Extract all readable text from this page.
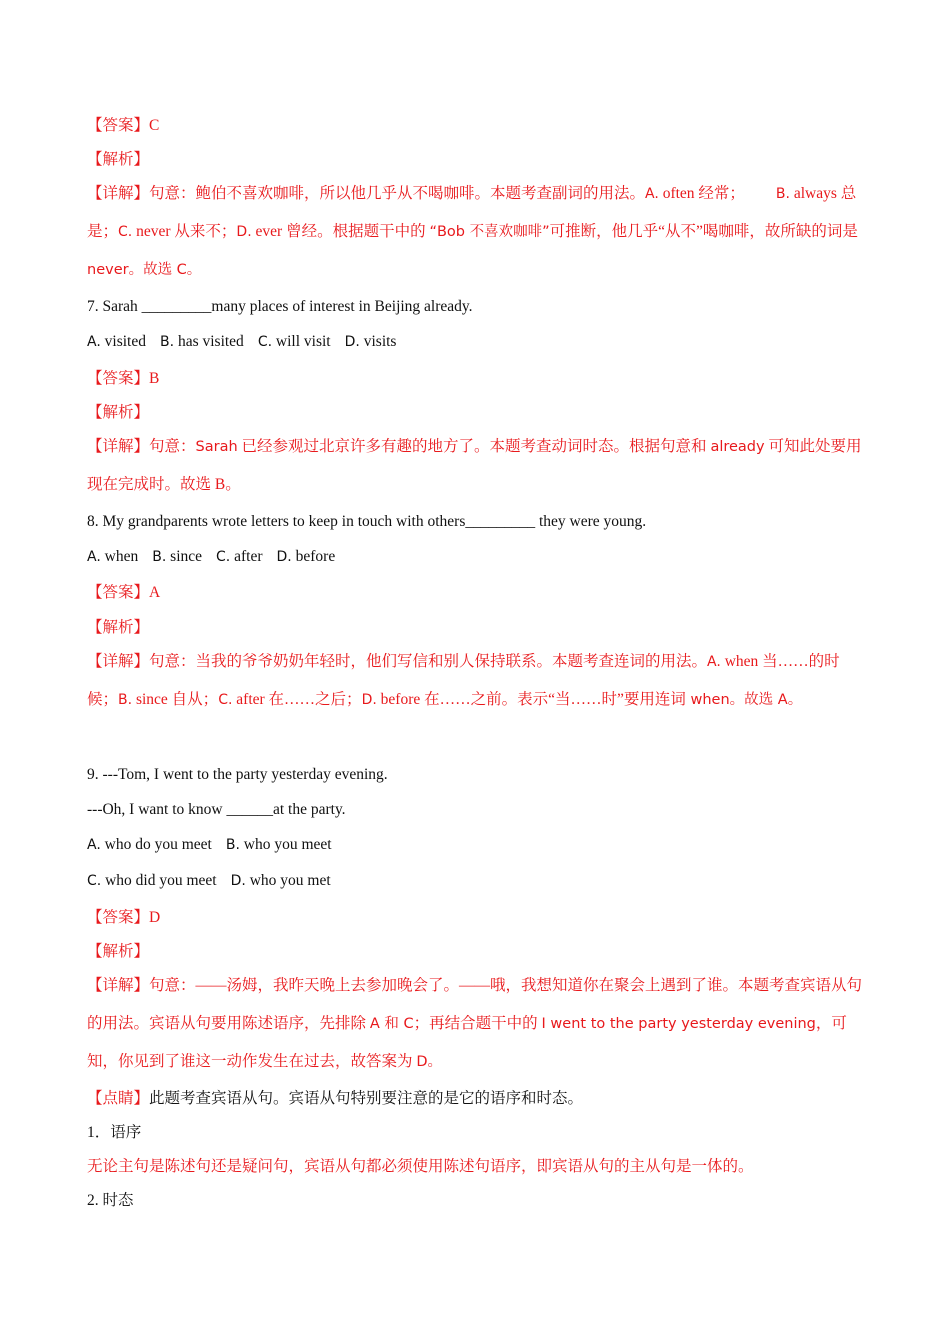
【答案】C
【解析】
【详解】句意：鲍伯不喜欢咖啡，所以他几乎从不喝咖啡。本题考查副词的用法。A. often 经常；   B. always 总是；C. never 从来不；D. ever 曾经。根据题干中的 “Bob 不喜欢咖啡”可推断，他几乎“从不”喝咖啡，故所缺的词是 never。故选 C。
7. Sarah _________many places of interest in Beijing already.
A. visited B. has visited C. will visit D. visits
【答案】B
【解析】
【详解】句意：Sarah 已经参观过北京许多有趣的地方了。本题考查动词时态。根据句意和 already 可知此处要用现在完成时。故选 B。
8. My grandparents wrote letters to keep in touch with others_________ they were young.
A. when B. since C. after D. before
【答案】A
【解析】
【详解】句意：当我的爷爷奶奶年轻时，他们写信和别人保持联系。本题考查连词的用法。A. when 当……的时候；B. since 自从；C. after 在……之后；D. before 在……之前。表示“当……时”要用连词 when。故选 A。
9. ---Tom, I went to the party yesterday evening.
---Oh, I want to know ______at the party.
A. who do you meet B. who you meet
C. who did you meet D. who you met
【答案】D
【解析】
【详解】句意：——汤姆，我昨天晚上去参加晚会了。——哦，我想知道你在聚会上遇到了谁。本题考查宾语从句的用法。宾语从句要用陈述语序，先排除 A 和 C；再结合题干中的 I went to the party yesterday evening，可知，你见到了谁这一动作发生在过去，故答案为 D。
【点睛】此题考查宾语从句。宾语从句特别要注意的是它的语序和时态。
1．语序
无论主句是陈述句还是疑问句，宾语从句都必须使用陈述句语序，即宾语从句的主从句是一体的。
2. 时态
